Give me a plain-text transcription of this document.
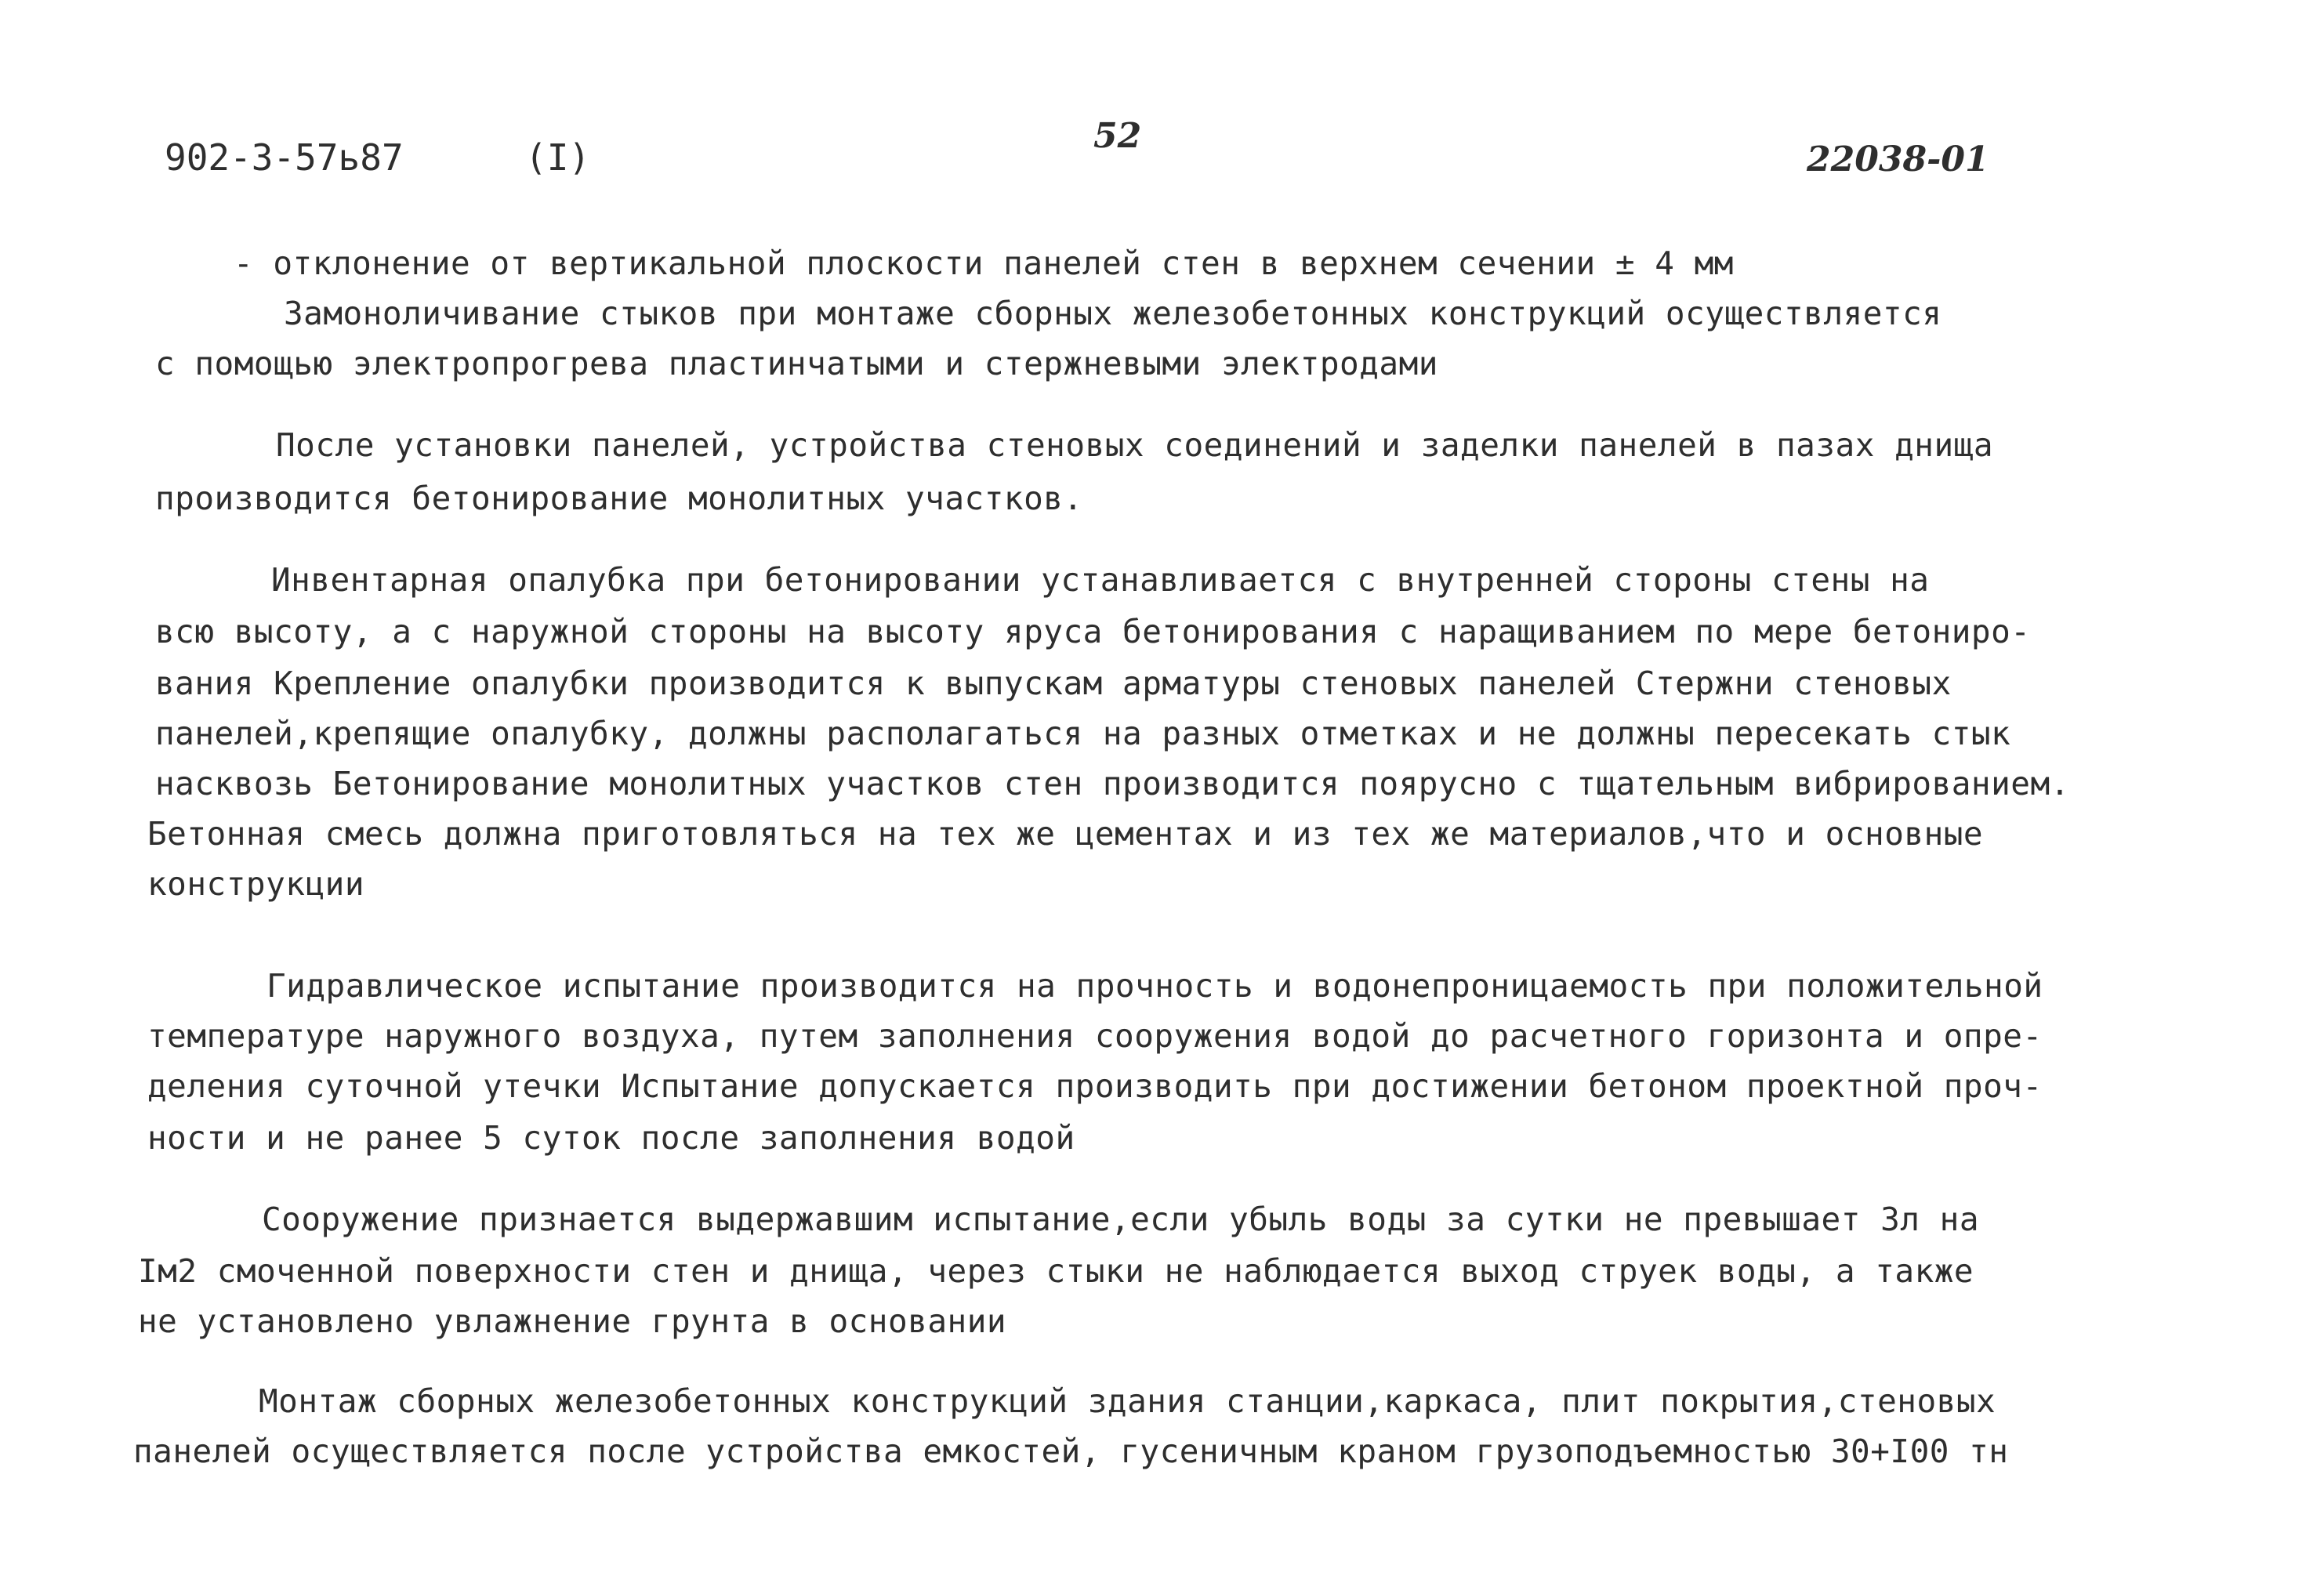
902-3-57ь87	(I)
52
22038-01
- отклонение от вертикальной плоскости панелей стен в верхнем сечении ± 4 мм
Замоноличивание стыков при монтаже сборных железобетонных конструкций осуществляется
с помощью электропрогрева пластинчатыми и стержневыми электродами
После установки панелей, устройства стеновых соединений и заделки панелей в пазах днища
производится бетонирование монолитных участков.
Инвентарная опалубка при бетонировании устанавливается с внутренней стороны стены на
всю высоту, а с наружной стороны на высоту яруса бетонирования с наращиванием по мере бетониро-
вания Крепление опалубки производится к выпускам арматуры стеновых панелей Стержни стеновых
панелей,крепящие опалубку, должны располагаться на разных отметках и не должны пересекать стык
насквозь Бетонирование монолитных участков стен производится поярусно с тщательным вибрированием.
Бетонная смесь должна приготовляться на тех же цементах и из тех же материалов,что и основные
конструкции
Гидравлическое испытание производится на прочность и водонепроницаемость при положительной
температуре наружного воздуха, путем заполнения сооружения водой до расчетного горизонта и опре-
деления суточной утечки Испытание допускается производить при достижении бетоном проектной проч-
ности и не ранее 5 суток после заполнения водой
Сооружение признается выдержавшим испытание,если убыль воды за сутки не превышает 3л на
Iм2 смоченной поверхности стен и днища, через стыки не наблюдается выход струек воды, а также
не установлено увлажнение грунта в основании
Монтаж сборных железобетонных конструкций здания станции,каркаса, плит покрытия,стеновых
панелей осуществляется после устройства емкостей, гусеничным краном грузоподъемностью 30+I00 тн
